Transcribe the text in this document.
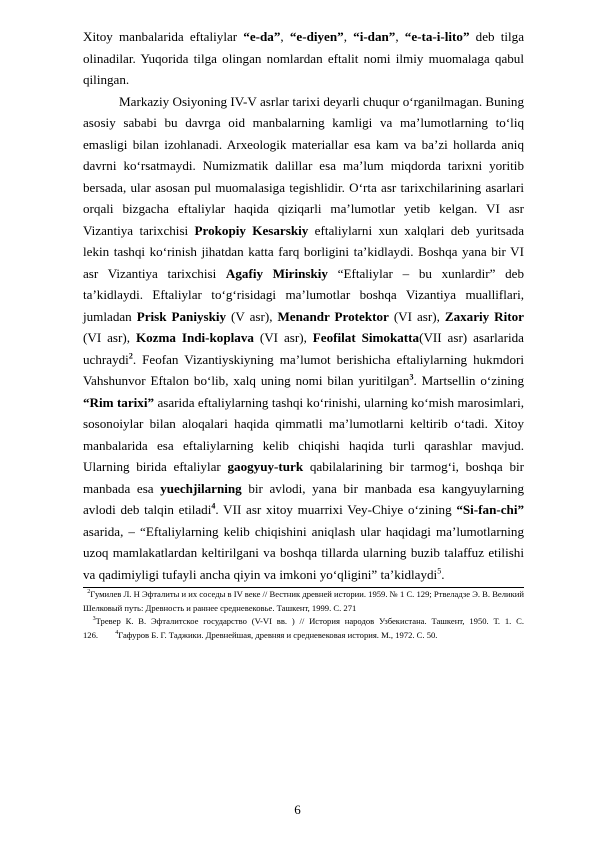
Xitoy manbalarida eftaliylar “e-da”, “e-diyen”, “i-dan”, “e-ta-i-lito” deb tilga olinadilar. Yuqorida tilga olingan nomlardan eftalit nomi ilmiy muomalaga qabul qilingan.

Markaziy Osiyoning IV-V asrlar tarixi deyarli chuqur o‘rganilmagan. Buning asosiy sababi bu davrga oid manbalarning kamligi va ma’lumotlarning to‘liq emasligi bilan izohlanadi. Arxeologik materiallar esa kam va ba’zi hollarda aniq davrni ko‘rsatmaydi. Numizmatik dalillar esa ma’lum miqdorda tarixni yoritib bersada, ular asosan pul muomalasiga tegishlidir. O‘rta asr tarixchilarining asarlari orqali bizgacha eftaliylar haqida qiziqarli ma’lumotlar yetib kelgan. VI asr Vizantiya tarixchisi Prokopiy Kesarskiy eftaliylarni xun xalqlari deb yuritsada lekin tashqi ko‘rinish jihatdan katta farq borligini ta’kidlaydi. Boshqa yana bir VI asr Vizantiya tarixchisi Agafiy Mirinskiy “Eftaliylar – bu xunlardir” deb ta’kidlaydi. Eftaliylar to‘g‘risidagi ma’lumotlar boshqa Vizantiya mualliflari, jumladan Prisk Paniyskiy (V asr), Menandr Protektor (VI asr), Zaxariy Ritor (VI asr), Kozma Indi-koplava (VI asr), Feofilat Simokatta(VII asr) asarlarida uchraydi$^2$. Feofan Vizantiyskiyning ma’lumot berishicha eftaliylarning hukmdori Vahshunvor Eftalon bo‘lib, xalq uning nomi bilan yuritilgan$^3$. Martsellin o‘zining “Rim tarixi” asarida eftaliylarning tashqi ko‘rinishi, ularning ko‘mish marosimlari, sosonoiylar bilan aloqalari haqida qimmatli ma’lumotlarni keltirib o‘tadi. Xitoy manbalarida esa eftaliylarning kelib chiqishi haqida turli qarashlar mavjud. Ularning birida eftaliylar gaogyuy-turk qabilalarining bir tarmog‘i, boshqa bir manbada esa yuechjilarning bir avlodi, yana bir manbada esa kangyuylarning avlodi deb talqin etiladi$^4$. VII asr xitoy muarrixi Vey-Chiye o‘zining “Si-fan-chi” asarida, – “Eftaliylarning kelib chiqishini aniqlash ular haqidagi ma’lumotlarning uzoq mamlakatlardan keltirilgani va boshqa tillarda ularning buzib talaffuz etilishi va qadimiyligi tufayli ancha qiyin va imkoni yo‘qligini” ta’kidlaydi$^5$.

$^2$Гумилев Л. Н Эфталиты и их соседы в IV веке // Вестник древней истории. 1959. № 1 С. 129; Ртвеладзе Э. В. Великий Шелковый путь: Древность и раннее средневековье. Ташкент, 1999. С. 271

$^3$Тревер К. В. Эфталитское государство (V-VI вв. ) // История народов Узбекистана. Ташкент, 1950. Т. 1. С. 126.	$^4$Гафуров Б. Г. Таджики. Древнейшая, древняя и средневековая история. М., 1972. С. 50.

6
